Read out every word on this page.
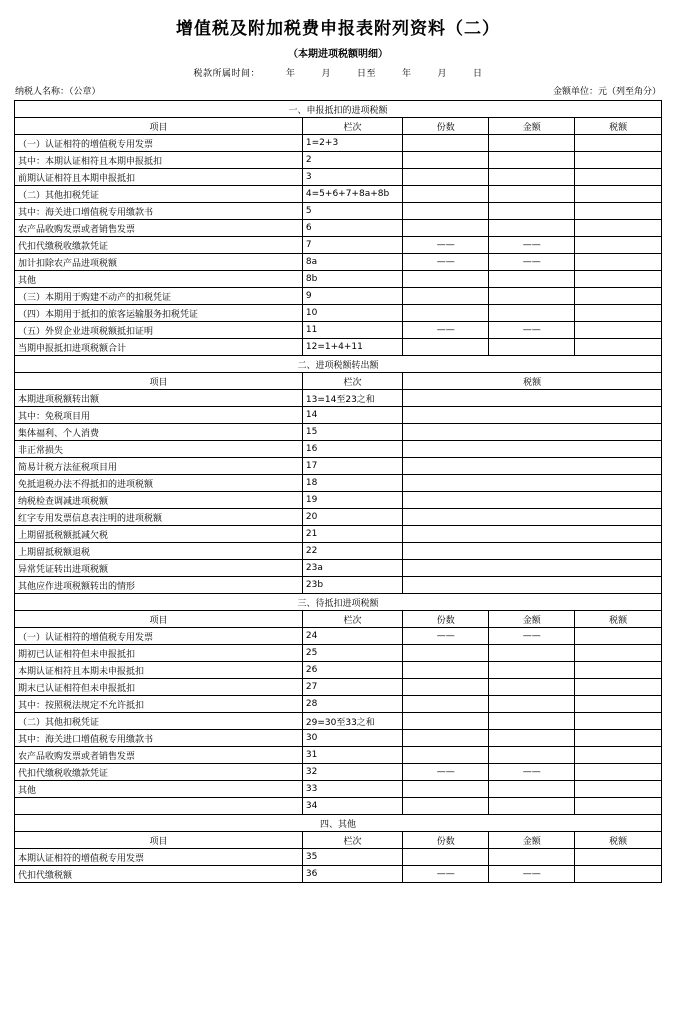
增值税及附加税费申报表附列资料（二）
（本期进项税额明细）
税款所属时间：	年	月	日至	年	月	日
纳税人名称：（公章）	金额单位：元（列至角分）
一、申报抵扣的进项税额				
项目	栏次	份数	金额	税额
（一）认证相符的增值税专用发票	1=2+3			
其中：本期认证相符且本期申报抵扣	2			
前期认证相符且本期申报抵扣	3			
（二）其他扣税凭证	4=5+6+7+8a+8b			
其中：海关进口增值税专用缴款书	5			
农产品收购发票或者销售发票	6			
代扣代缴税收缴款凭证	7	——	——	
加计扣除农产品进项税额	8a	——	——	
其他	8b			
（三）本期用于购建不动产的扣税凭证	9			
（四）本期用于抵扣的旅客运输服务扣税凭证	10			
（五）外贸企业进项税额抵扣证明	11	——	——	
当期申报抵扣进项税额合计	12=1+4+11			
二、进项税额转出额				
项目	栏次	税额		
本期进项税额转出额	13=14至23之和			
其中：免税项目用	14			
集体福利、个人消费	15			
非正常损失	16			
简易计税方法征税项目用	17			
免抵退税办法不得抵扣的进项税额	18			
纳税检查调减进项税额	19			
红字专用发票信息表注明的进项税额	20			
上期留抵税额抵减欠税	21			
上期留抵税额退税	22			
异常凭证转出进项税额	23a			
其他应作进项税额转出的情形	23b			
三、待抵扣进项税额				
项目	栏次	份数	金额	税额
（一）认证相符的增值税专用发票	24	——	——	
期初已认证相符但未申报抵扣	25			
本期认证相符且本期未申报抵扣	26			
期末已认证相符但未申报抵扣	27			
其中：按照税法规定不允许抵扣	28			
（二）其他扣税凭证	29=30至33之和			
其中：海关进口增值税专用缴款书	30			
农产品收购发票或者销售发票	31			
代扣代缴税收缴款凭证	32	——	——	
其他	33			
	34			
四、其他				
项目	栏次	份数	金额	税额
本期认证相符的增值税专用发票	35			
代扣代缴税额	36	——	——	
